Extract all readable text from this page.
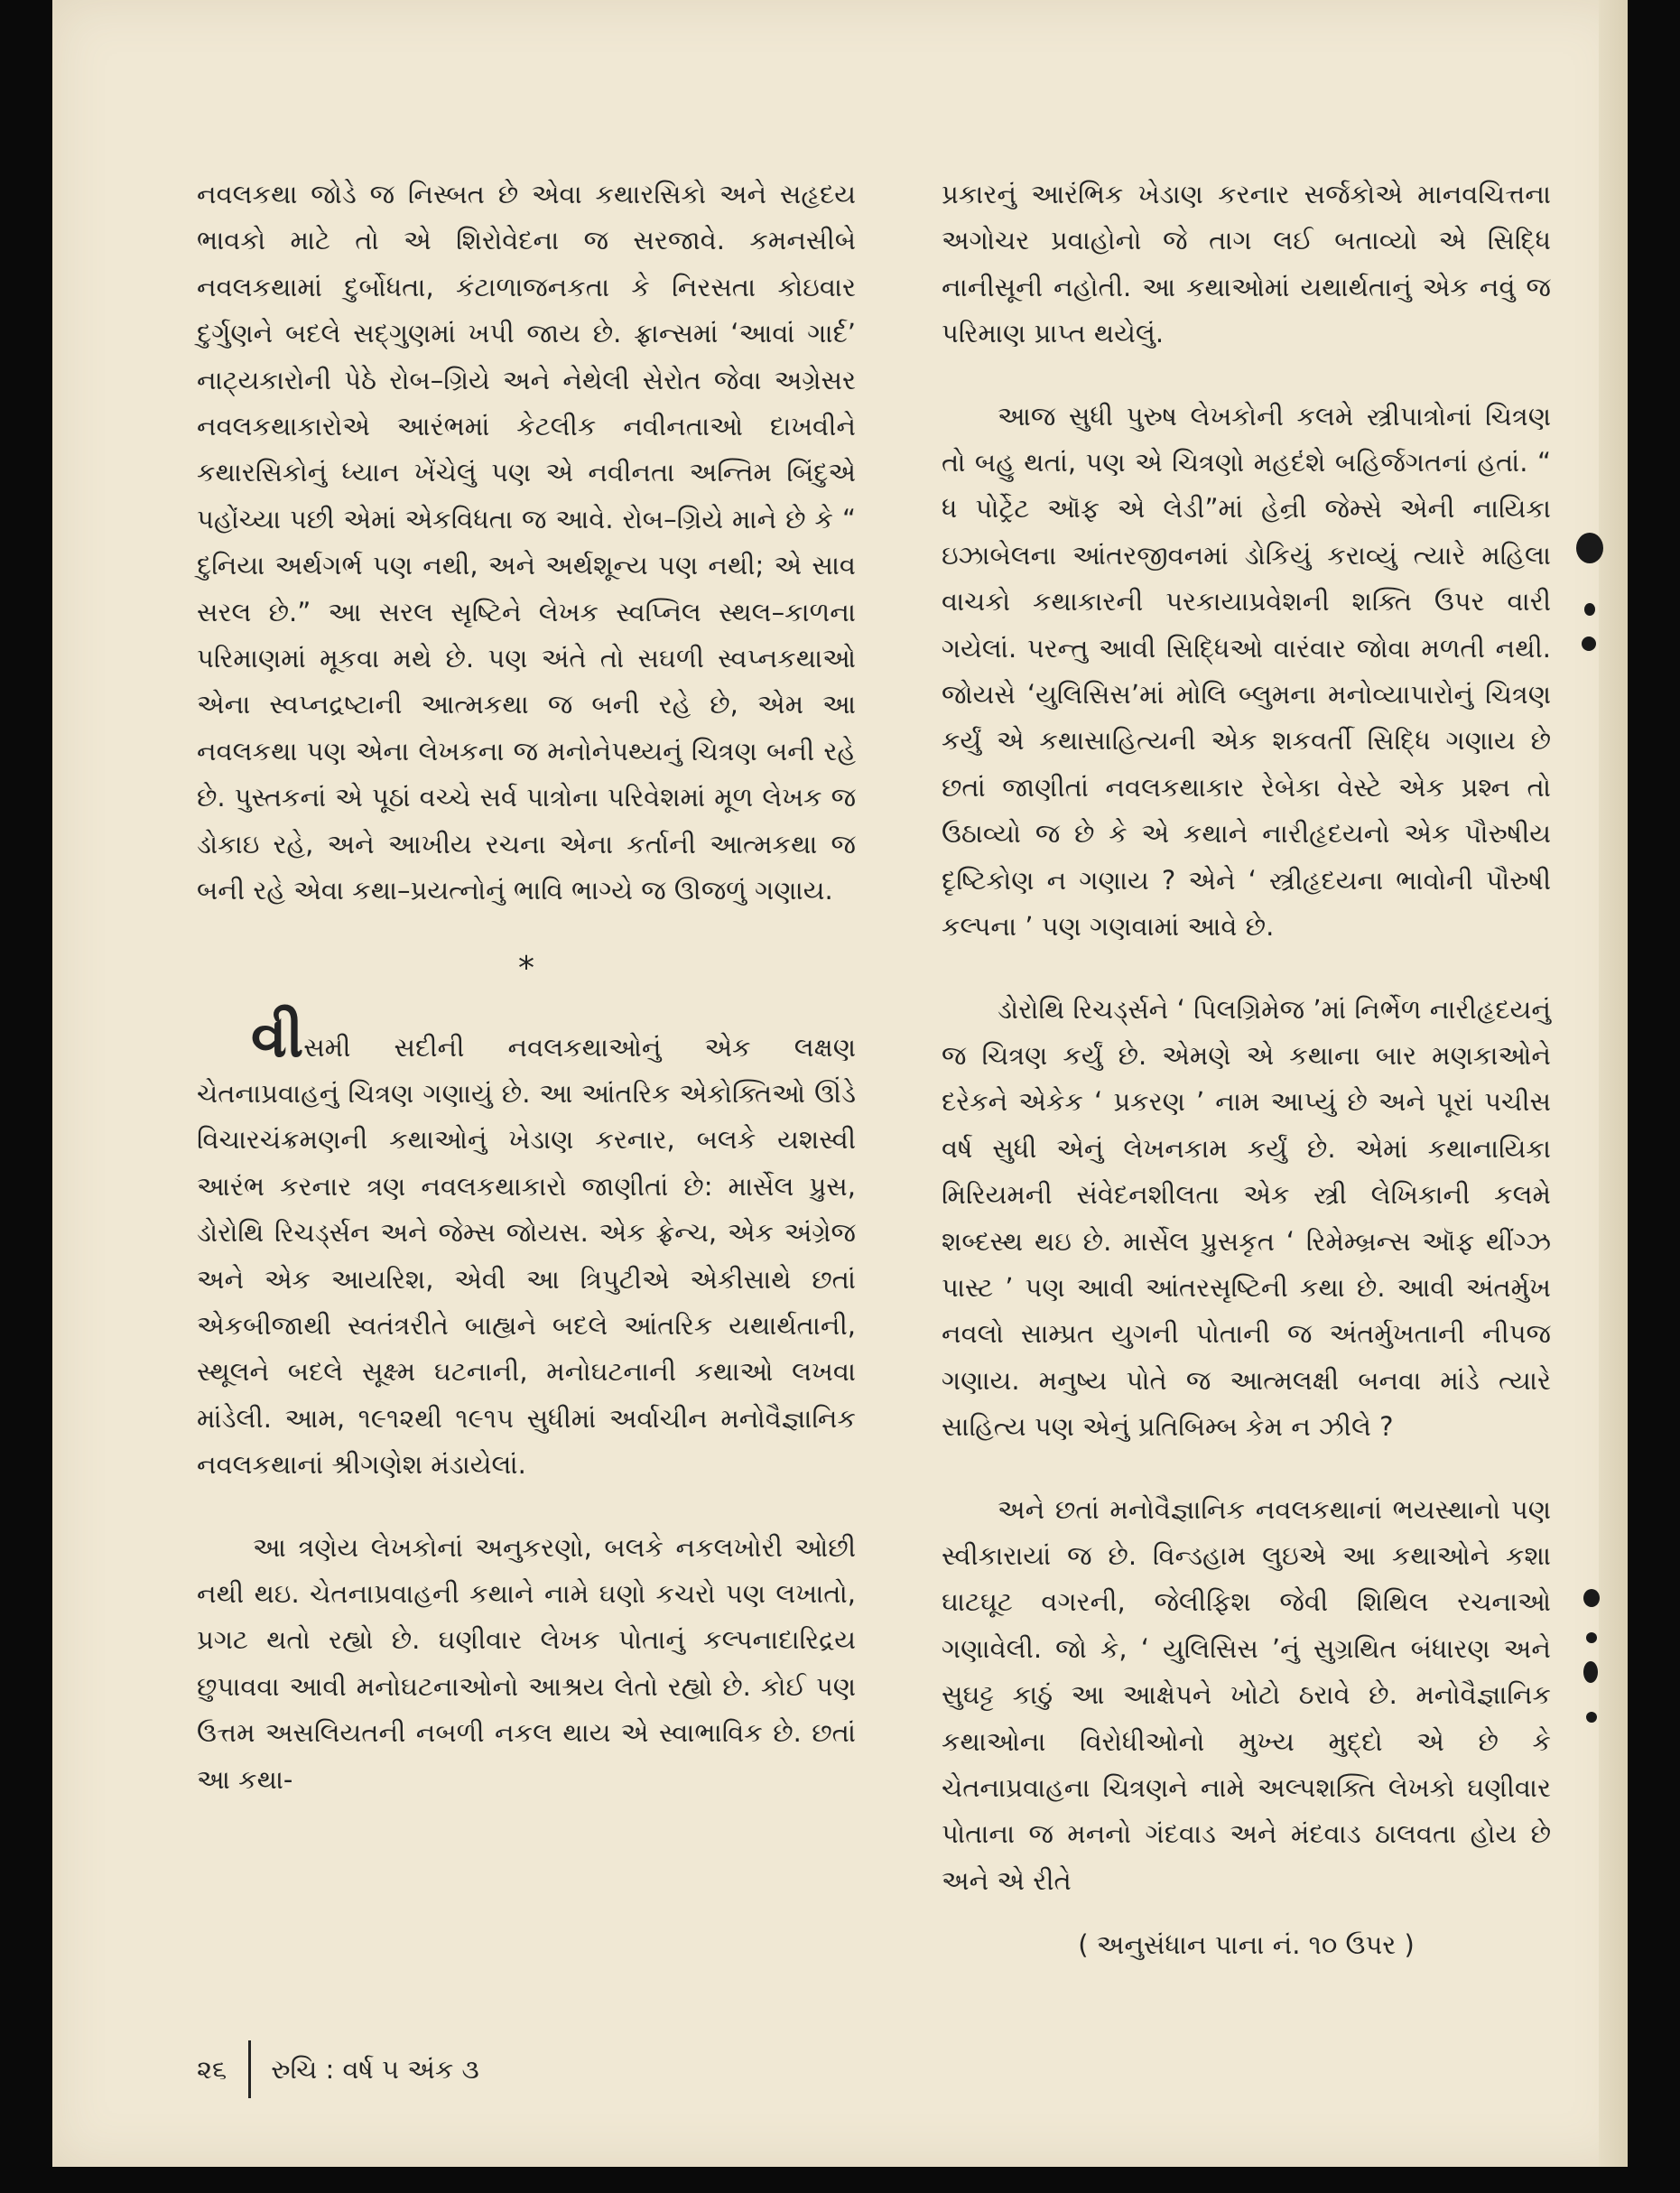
નવલકથા જોડે જ નિસ્બત છે એવા કથારસિકો અને સહૃદય ભાવકો માટે તો એ શિરોવેદના જ સરજાવે. કમનસીબે નવલકથામાં દુર્બોધતા, કંટાળાજનકતા કે નિરસતા કોઇવાર દુર્ગુણને બદલે સદ્‌ગુણમાં ખપી જાય છે. ફ્રાન્સમાં ‘આવાં ગાર્દ’ નાટ્યકારોની પેઠે રોબ–ગ્રિયે અને નેથેલી સેરોત જેવા અગ્રેસર નવલકથાકારોએ આરંભમાં કેટલીક નવીનતાઓ દાખવીને કથારસિકોનું ધ્યાન ખેંચેલું પણ એ નવીનતા અન્તિમ બિંદુએ પહોંચ્યા પછી એમાં એકવિધતા જ આવે. રોબ–ગ્રિયે માને છે કે “ દુનિયા અર્થગર્ભ પણ નથી, અને અર્થશૂન્ય પણ નથી; એ સાવ સરલ છે.” આ સરલ સૃષ્ટિને લેખક સ્વપ્નિલ સ્થલ–કાળના પરિમાણમાં મૂકવા મથે છે. પણ અંતે તો સઘળી સ્વપ્નકથાઓ એના સ્વપ્નદ્રષ્ટાની આત્મકથા જ બની રહે છે, એમ આ નવલકથા પણ એના લેખકના જ મનોનેપથ્યનું ચિત્રણ બની રહે છે. પુસ્તકનાં એ પૂઠાં વચ્ચે સર્વ પાત્રોના પરિવેશમાં મૂળ લેખક જ ડોકાઇ રહે, અને આખીય રચના એના કર્તાની આત્મકથા જ બની રહે એવા કથા–પ્રયત્નોનું ભાવિ ભાગ્યે જ ઊજળું ગણાય.

*

વીસમી સદીની નવલકથાઓનું એક લક્ષણ ચેતનાપ્રવાહનું ચિત્રણ ગણાયું છે. આ આંતરિક એકોક્તિઓ ઊંડે વિચારચંક્રમણની કથાઓનું ખેડાણ કરનાર, બલકે યશસ્વી આરંભ કરનાર ત્રણ નવલકથાકારો જાણીતાં છે: માર્સેલ પ્રુસ, ડોરોથિ રિચર્ડ્સન અને જેમ્સ જોયસ. એક ફ્રેન્ચ, એક અંગ્રેજ અને એક આયરિશ, એવી આ ત્રિપુટીએ એકીસાથે છતાં એકબીજાથી સ્વતંત્રરીતે બાહ્યને બદલે આંતરિક યથાર્થતાની, સ્થૂલને બદલે સૂક્ષ્મ ઘટનાની, મનોઘટનાની કથાઓ લખવા માંડેલી. આમ, ૧૯૧૨થી ૧૯૧૫ સુધીમાં અર્વાચીન મનોવૈજ્ઞાનિક નવલકથાનાં શ્રીગણેશ મંડાયેલાં.

આ ત્રણેય લેખકોનાં અનુકરણો, બલકે નકલખોરી ઓછી નથી થઇ. ચેતનાપ્રવાહની કથાને નામે ઘણો કચરો પણ લખાતો, પ્રગટ થતો રહ્યો છે. ઘણીવાર લેખક પોતાનું કલ્પનાદારિદ્રય છુપાવવા આવી મનોઘટનાઓનો આશ્રય લેતો રહ્યો છે. કોઈ પણ ઉત્તમ અસલિયતની નબળી નકલ થાય એ સ્વાભાવિક છે. છતાં આ કથા-

પ્રકારનું આરંભિક ખેડાણ કરનાર સર્જકોએ માનવચિત્તના અગોચર પ્રવાહોનો જે તાગ લઈ બતાવ્યો એ સિદ્ધિ નાનીસૂની નહોતી. આ કથાઓમાં યથાર્થતાનું એક નવું જ પરિમાણ પ્રાપ્ત થયેલું.

આજ સુધી પુરુષ લેખકોની કલમે સ્ત્રીપાત્રોનાં ચિત્રણ તો બહુ થતાં, પણ એ ચિત્રણો મહદંશે બહિર્જગતનાં હતાં. “ ધ પોર્ટ્રેટ ઑફ એ લેડી”માં હેન્રી જેમ્સે એની નાયિકા ઇઝાબેલના આંતરજીવનમાં ડોકિયું કરાવ્યું ત્યારે મહિલા વાચકો કથાકારની પરકાયાપ્રવેશની શક્તિ ઉપર વારી ગયેલાં. પરન્તુ આવી સિદ્ધિઓ વારંવાર જોવા મળતી નથી. જોયસે ‘યુલિસિસ’માં મોલિ બ્લુમના મનોવ્યાપારોનું ચિત્રણ કર્યું એ કથાસાહિત્યની એક શકવર્તી સિદ્ધિ ગણાય છે છતાં જાણીતાં નવલકથાકાર રેબેકા વેસ્ટે એક પ્રશ્ન તો ઉઠાવ્યો જ છે કે એ કથાને નારીહૃદયનો એક પૌરુષીય દૃષ્ટિકોણ ન ગણાય ? એને ‘ સ્ત્રીહૃદયના ભાવોની પૌરુષી કલ્પના ’ પણ ગણવામાં આવે છે.

ડોરોથિ રિચર્ડ્સને ‘ પિલગ્રિમેજ ’માં નિર્ભેળ નારીહૃદયનું જ ચિત્રણ કર્યું છે. એમણે એ કથાના બાર મણકાઓને દરેકને એકેક ‘ પ્રકરણ ’ નામ આપ્યું છે અને પૂરાં પચીસ વર્ષ સુધી એનું લેખનકામ કર્યું છે. એમાં કથાનાયિકા મિરિયમની સંવેદનશીલતા એક સ્ત્રી લેખિકાની કલમે શબ્દસ્થ થઇ છે. માર્સેલ પ્રુસકૃત ‘ રિમેમ્બ્રન્સ ઑફ થીંગ્ઝ પાસ્ટ ’ પણ આવી આંતરસૃષ્ટિની કથા છે. આવી અંતર્મુખ નવલો સામ્પ્રત યુગની પોતાની જ અંતર્મુખતાની નીપજ ગણાય. મનુષ્ય પોતે જ આત્મલક્ષી બનવા માંડે ત્યારે સાહિત્ય પણ એનું પ્રતિબિમ્બ કેમ ન ઝીલે ?

અને છતાં મનોવૈજ્ઞાનિક નવલકથાનાં ભયસ્થાનો પણ સ્વીકારાયાં જ છે. વિન્ડહામ લુઇએ આ કથાઓને કશા ઘાટઘૂટ વગરની, જેલીફિશ જેવી શિથિલ રચનાઓ ગણાવેલી. જો કે, ‘ યુલિસિસ ’નું સુગ્રથિત બંધારણ અને સુઘટ્ટ કાઠું આ આક્ષેપને ખોટો ઠરાવે છે. મનોવૈજ્ઞાનિક કથાઓના વિરોધીઓનો મુખ્ય મુદ્દો એ છે કે ચેતનાપ્રવાહના ચિત્રણને નામે અલ્પશક્તિ લેખકો ઘણીવાર પોતાના જ મનનો ગંદવાડ અને મંદવાડ ઠાલવતા હોય છે અને એ રીતે

( અનુસંધાન પાના નં. ૧૦ ઉપર )
૨૬ રુચિ : વર્ષ ૫ અંક ૩
